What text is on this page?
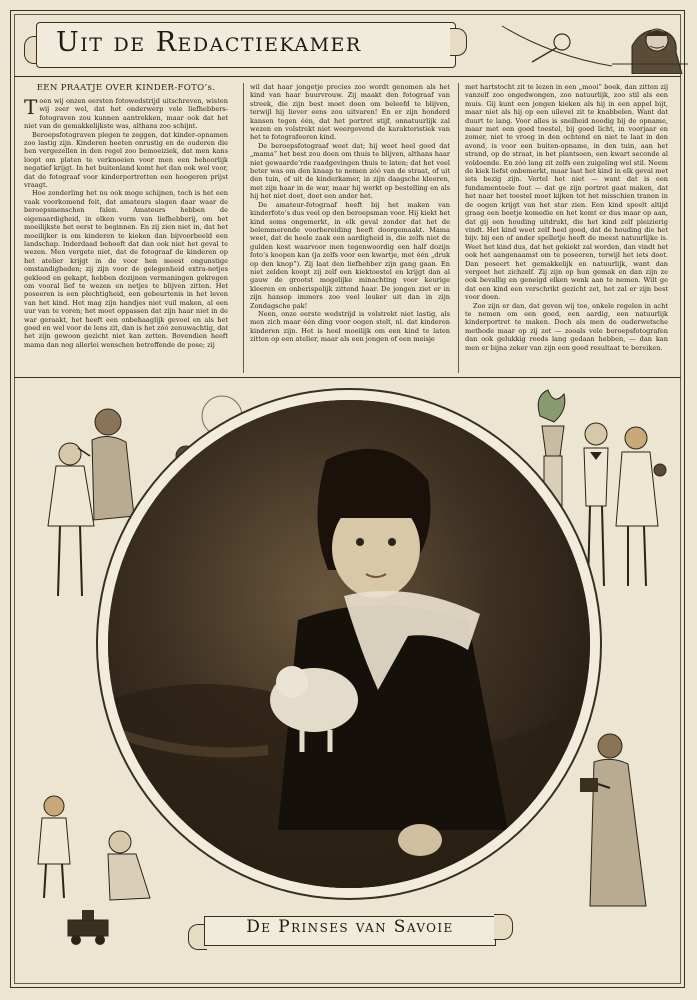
Uit de Redactiekamer
EEN PRAATJE OVER KINDER-FOTO’s.

Toen wij onzen eersten fotowedstrijd uitschreven, wisten wij zeer wel, dat het onderwerp vele liefhebbers-fotograven zou kunnen aantrekken, maar ook dat het niet van de gemakkelijkste was, althans zoo schijnt.

Beroepsfotograven plegen te zeggen, dat kinder-opnamen zoo lastig zijn. Kinderen heeten onrustig en de ouderen die hen vergezellen in den regel zoo bemoeiziek, dat men kans loopt om platen te verknoeien voor men een behoorlijk negatief krijgt. In het buitenland komt het dan ook wel voor, dat de fotograaf voor kinderportretten een hoogeren prijst vraagt.

Hoe zonderling het nu ook moge schijnen, toch is het een vaak voorkomend feit, dat amateurs slagen daar waar de beroepsmenschen falen. Amateurs hebben de eigenaardigheid, in elken vorm van liefhebberij, om het moeilijkste het eerst te beginnen. En zij zien niet in, dat het moeilijker is om kinderen te kieken dan bijvoorbeeld een landschap. Inderdaad behoeft dat dan ook niet het geval te wezen. Men vergete niet, dat de fotograaf de kinderen op het atelier krijgt in de voor hen meest ongunstige omstandigheden; zij zijn voor de gelegenheid extra-netjes gekleed en gekapt, hebben dozijnen vermaningen gekregen om vooral lief te wezen en netjes te blijven zitten. Het poseeren is een plechtigheid, een gebeurtenis in het leven van het kind. Het mag zijn handjes niet vuil maken, al een uur van te voren; het moet oppassen dat zijn haar niet in de war geraakt, het heeft een onbehaaglijk gevoel en als het goed en wel voor de lens zit, dan is het zóó zenuwachtig, dat het zijn gewoon gezicht niet kan zetten. Bovendien heeft mama dan nog allerlei wenschen betreffende de pose; zij

wil dat haar jongetje precies zoo wordt genomen als het kind van haar buurvrouw. Zij maakt den fotograaf van streek, die zijn best moet doen om beleefd te blijven, terwijl hij liever eens zou uitvaren! En er zijn honderd kansen tegen één, dat het portret stijf, onnatuurlijk zal wezen en volstrekt niet weergevend de karakteristiek van het te fotografeeren kind.

De beroepsfotograaf weet dat; hij weet heel goed dat „mama” het best zou doen om thuis te blijven, althans haar niet gewaarde’rde raadgevingen thuis te laten; dat het veel beter was om den knaap te nemen zóó van de straat, of uit den tuin, of uit de kinderkamer, in zijn daagsche kleeren, met zijn haar in de war, maar hij werkt op bestelling en als hij het niet doet, doet een ander het.

De amateur-fotograaf heeft bij het maken van kinderfoto’s dus veel op den beroepsman voor. Hij kiekt het kind soms ongemerkt, in elk geval zonder dat het de belemmerende voorbereiding heeft doorgemaakt. Mama weet, dat de heele zaak een aardigheid is, die zelfs niet de gulden kost waarvoor men tegenwoordig een half dozijn foto’s koopen kan (ja zelfs voor een kwartje, met één „druk op den knop”). Zij laat den liefhebber zijn gang gaan. En niet zelden koopt zij zelf een kiektoestel en krijgt dan al gauw de grootst mogelijke minachting voor keurige kleeren en onberispelijk zittend haar. De jongen ziet er in zijn hansop immers zoo veel leuker uit dan in zijn Zondagsche pak!

Neen, onze eerste wedstrijd is volstrekt niet lastig, als men zich maar één ding voor oogen stelt, nl. dat kinderen kinderen zijn. Het is heel moeilijk om een kind te laten zitten op een atelier, maar als een jongen of een meisje

met hartstocht zit te lezen in een „mooi” boek, dan zitten zij vanzelf zoo ongedwongen, zoo natuurlijk, zoo stil als een muis. Gij kunt een jongen kieken als hij in een appel bijt, maar niet als hij op een uilevel zit te knabbelen. Want dat duurt te lang. Voor alles is snelheid noodig bij de opname, maar met een goed toestel, bij goed licht, in voorjaar en zomer, niet te vroeg in den ochtend en niet te laat in den avond, is voor een buiten-opname, in den tuin, aan het strand, op de straat, in het plantsoen, een kwart seconde al voldoende. En zóó lang zit zelfs een zuigeling wel stil. Neem de kiek liefst onbemerkt, maar laat het kind in elk geval met iets bezig zijn. Vertel het niet — want dat is een fundamenteele fout — dat ge zijn portret gaat maken, dat het naar het toestel moet kijken tot het misschien tranen in de oogen krijgt van het star zien. Een kind speelt altijd graag een beetje komedie en het komt er dus maar op aan, dat gij een houding uitdrukt, die het kind zelf pleizierig vindt. Het kind weet zelf heel goed, dat de houding die het bijv. bij een of ander spelletje heeft de meest natuurlijke is. Weet het kind dus, dat het gekiekt zal worden, dan vindt het ook het aangenaamst om te poseeren, terwijl het iets doet. Dan poseert het gemakkelijk en natuurlijk, want dan vergeet het zichzelf. Zij zijn op hun gemak en dan zijn ze ook bevallig en geneigd elken wenk aan te nemen. Wilt ge dat een kind een verschrikt gezicht zet, het zal er zijn best voor doen.

Zoo zijn er dan, dat geven wij toe, enkele regelen in acht te nemen om een goed, een aardig, een natuurlijk kinderportret te maken. Doch als men de ouderwetsche methode maar op zij zet — zooals vele beroepsfotografen dan ook gelukkig reeds lang gedaan hebben, — dan kan men er bijna zeker van zijn een goed resultaat te bereiken.

De Prinses van Savoie
